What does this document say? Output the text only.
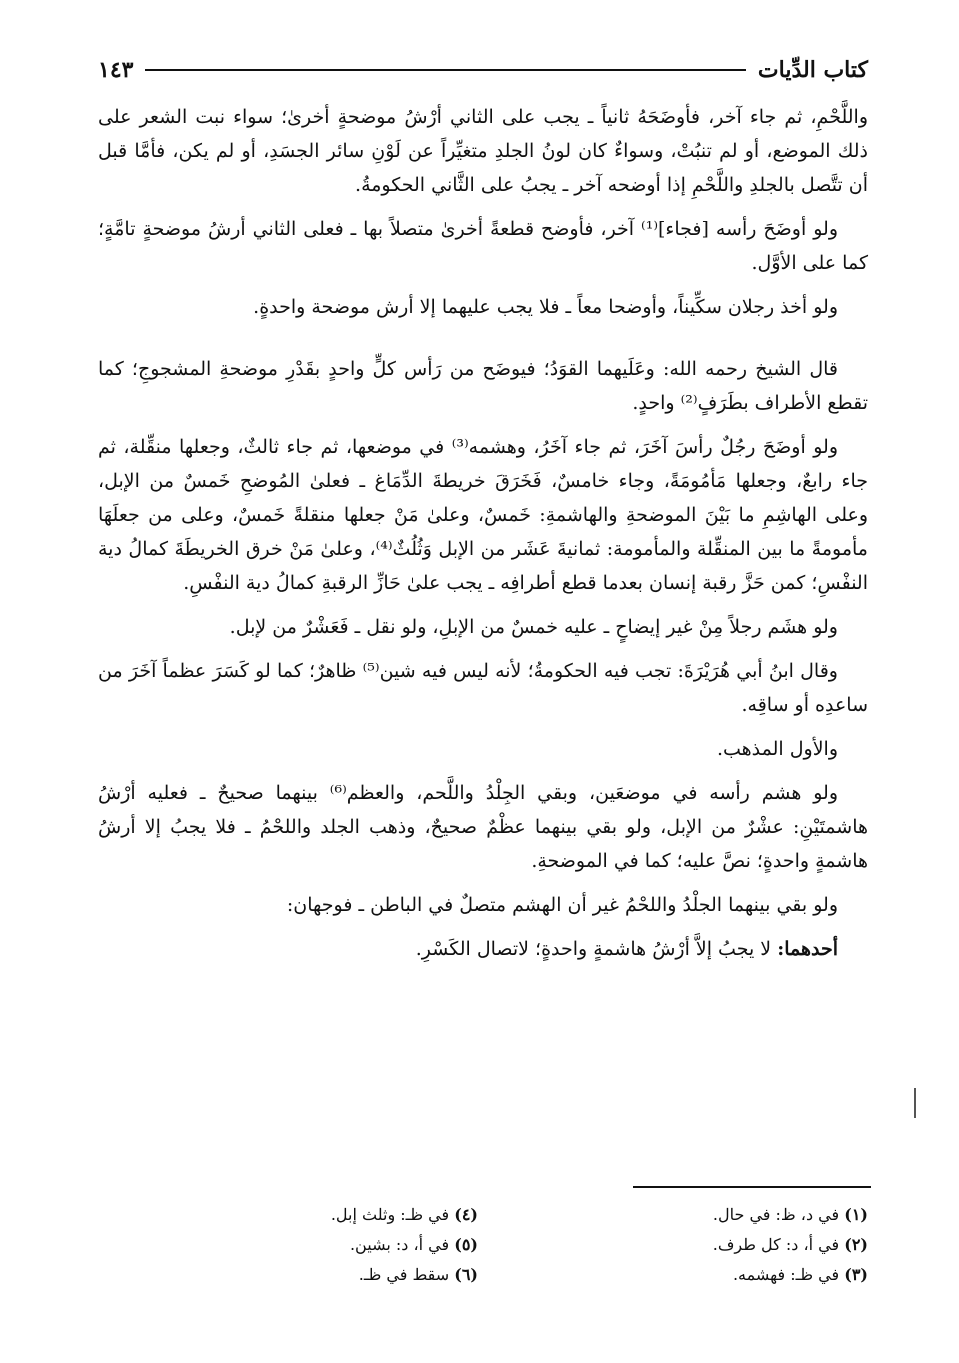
كتاب الدِّيات
١٤٣

واللَّحْمِ، ثم جاء آخر، فأوضَحَهُ ثانياً ـ يجب على الثاني أرْشُ موضحةٍ أخرىٰ؛ سواء نبت الشعر على ذلك الموضع، أو لم تنبُتْ، وسواءٌ كان لونُ الجلدِ متغيِّراً عن لَوْنِ سائر الجسَدِ، أو لم يكن، فأمَّا قبل أن تتَّصل بالجلدِ واللَّحْمِ إذا أوضحه آخر ـ يجبُ على الثَّاني الحكومةُ.

ولو أوضَحَ رأسه [فجاء]⁽¹⁾ آخر، فأوضح قطعةً أخرىٰ متصلاً بها ـ فعلى الثاني أرشُ موضحةٍ تامَّةٍ؛ كما على الأوَّل.

ولو أخذ رجلان سكِّيناً، وأوضحا معاً ـ فلا يجب عليهما إلا أرش موضحة واحدةٍ.

قال الشيخ رحمه الله: وعَلَيهما القوَدُ؛ فيوضَح من رَأس كلٍّ واحدٍ بقَدْرِ موضحةِ المشجوجِ؛ كما تقطع الأطراف بطَرَفٍ⁽²⁾ واحدٍ.

ولو أوضَحَ رجُلٌ رأسَ آخَرَ، ثم جاء آخَرُ، وهشمه⁽³⁾ في موضعها، ثم جاء ثالثٌ، وجعلها منقِّلة، ثم جاء رابعٌ، وجعلها مَأمُومَةً، وجاء خامسٌ، فَخَرَقَ خريطةَ الدِّمَاغ ـ فعلىٰ المُوضحِ خَمسٌ من الإبل، وعلى الهاشِمِ ما بَيْنَ الموضحةِ والهاشمةِ: خَمسٌ، وعلىٰ مَنْ جعلها منقلةً خَمسٌ، وعلى من جعلَهَا مأمومةً ما بين المنقِّلة والمأمومة: ثمانيةَ عَشَر من الإبل وَثُلُثٌ⁽⁴⁾، وعلىٰ مَنْ خرق الخريطَةَ كمالُ دية النفْسِ؛ كمن حَزَّ رقبة إنسان بعدما قطع أطرافِه ـ يجب علىٰ حَازِّ الرقبةِ كمالُ دية النفْسِ.

ولو هشَم رجلاً مِنْ غير إيضاحٍ ـ عليه خمسٌ من الإبلِ، ولو نقل ـ فَعَشْرٌ من لإبل.

وقال ابنُ أبي هُرَيْرَةَ: تجب فيه الحكومةُ؛ لأنه ليس فيه شين⁽⁵⁾ ظاهرٌ؛ كما لو كَسَرَ عظماً آخَرَ من ساعدِه أو ساقِه.

والأول المذهب.

ولو هشم رأسه في موضعَين، وبقي الجِلْدُ واللَّحم، والعظم⁽⁶⁾ بينهما صحيحٌ ـ فعليه أرْشُ هاشمتَيْنِ: عشْرٌ من الإبل، ولو بقي بينهما عظْمٌ صحيحٌ، وذهب الجلد واللحْمُ ـ فلا يجبُ إلا أرشُ هاشمةٍ واحدةٍ؛ نصَّ عليه؛ كما في الموضحةِ.

ولو بقي بينهما الجلْدُ واللحْمُ غير أن الهشم متصلٌ في الباطن ـ فوجهان:

أحدهما: لا يجبُ إلاَّ أرْشُ هاشمةٍ واحدةٍ؛ لاتصال الكَسْرِ.

(١) في د، ظ: في حال.
(٢) في أ، د: كل طرف.
(٣) في ظـ: فهشمه.
(٤) في ظـ: وثلث إبل.
(٥) في أ، د: بشين.
(٦) سقط في ظـ.
